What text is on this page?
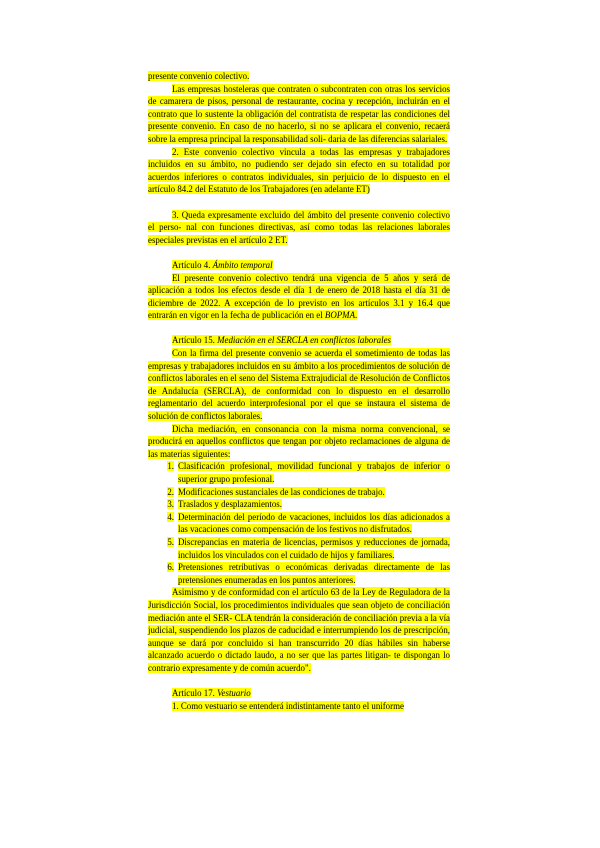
presente convenio colectivo.

Las empresas hosteleras que contraten o subcontraten con otras los servicios de camarera de pisos, personal de restaurante, cocina y recepción, incluirán en el contrato que lo sustente la obligación del contratista de respetar las condiciones del presente convenio. En caso de no hacerlo, si no se aplicara el convenio, recaerá sobre la empresa principal la responsabilidad soli- daria de las diferencias salariales.

2. Este convenio colectivo vincula a todas las empresas y trabajadores incluidos en su ámbito, no pudiendo ser dejado sin efecto en su totalidad por acuerdos inferiores o contratos individuales, sin perjuicio de lo dispuesto en el artículo 84.2 del Estatuto de los Trabajadores (en adelante ET)

3. Queda expresamente excluido del ámbito del presente convenio colectivo el perso- nal con funciones directivas, así como todas las relaciones laborales especiales previstas en el artículo 2 ET.

Artículo 4. Ámbito temporal

El presente convenio colectivo tendrá una vigencia de 5 años y será de aplicación a todos los efectos desde el día 1 de enero de 2018 hasta el día 31 de diciembre de 2022. A excepción de lo previsto en los artículos 3.1 y 16.4 que entrarán en vigor en la fecha de publicación en el BOPMA.

Artículo 15. Mediación en el SERCLA en conflictos laborales

Con la firma del presente convenio se acuerda el sometimiento de todas las empresas y trabajadores incluidos en su ámbito a los procedimientos de solución de conflictos laborales en el seno del Sistema Extrajudicial de Resolución de Conflictos de Andalucía (SERCLA), de conformidad con lo dispuesto en el desarrollo reglamentario del acuerdo interprofesional por el que se instaura el sistema de solución de conflictos laborales.

Dicha mediación, en consonancia con la misma norma convencional, se producirá en aquellos conflictos que tengan por objeto reclamaciones de alguna de las materias siguientes:

1. Clasificación profesional, movilidad funcional y trabajos de inferior o superior grupo profesional.
2. Modificaciones sustanciales de las condiciones de trabajo.
3. Traslados y desplazamientos.
4. Determinación del período de vacaciones, incluidos los días adicionados a las vacaciones como compensación de los festivos no disfrutados.
5. Discrepancias en materia de licencias, permisos y reducciones de jornada, incluidos los vinculados con el cuidado de hijos y familiares.
6. Pretensiones retributivas o económicas derivadas directamente de las pretensiones enumeradas en los puntos anteriores.

Asimismo y de conformidad con el artículo 63 de la Ley de Reguladora de la Jurisdicción Social, los procedimientos individuales que sean objeto de conciliación mediación ante el SER- CLA tendrán la consideración de conciliación previa a la vía judicial, suspendiendo los plazos de caducidad e interrumpiendo los de prescripción, aunque se dará por concluido si han transcurrido 20 días hábiles sin haberse alcanzado acuerdo o dictado laudo, a no ser que las partes litigan- te dispongan lo contrario expresamente y de común acuerdo".

Artículo 17. Vestuario

1. Como vestuario se entenderá indistintamente tanto el uniforme
